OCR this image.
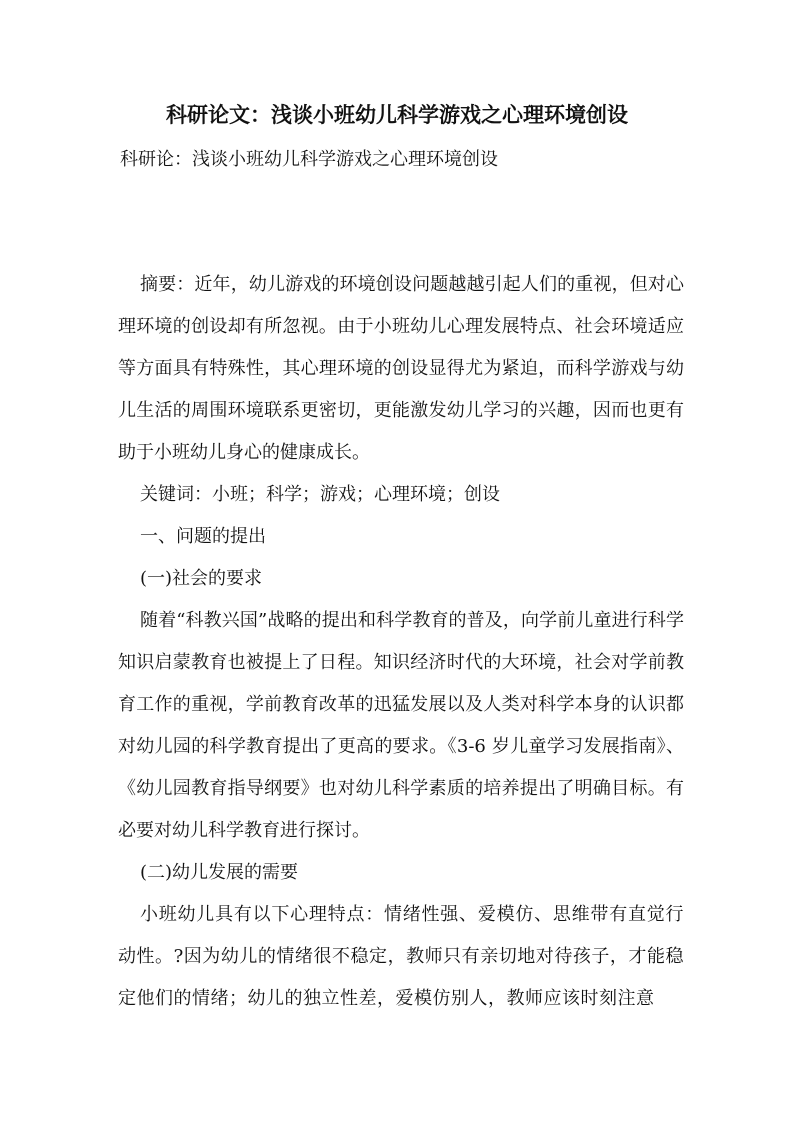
科研论文：浅谈小班幼儿科学游戏之心理环境创设
科研论：浅谈小班幼儿科学游戏之心理环境创设

摘要：近年，幼儿游戏的环境创设问题越越引起人们的重视，但对心理环境的创设却有所忽视。由于小班幼儿心理发展特点、社会环境适应等方面具有特殊性，其心理环境的创设显得尤为紧迫，而科学游戏与幼儿生活的周围环境联系更密切，更能激发幼儿学习的兴趣，因而也更有助于小班幼儿身心的健康成长。

关键词：小班；科学；游戏；心理环境；创设

一、问题的提出

(一)社会的要求

随着“科教兴国”战略的提出和科学教育的普及，向学前儿童进行科学知识启蒙教育也被提上了日程。知识经济时代的大环境，社会对学前教育工作的重视，学前教育改革的迅猛发展以及人类对科学本身的认识都对幼儿园的科学教育提出了更高的要求。《3-6 岁儿童学习发展指南》、《幼儿园教育指导纲要》也对幼儿科学素质的培养提出了明确目标。有必要对幼儿科学教育进行探讨。

(二)幼儿发展的需要

小班幼儿具有以下心理特点：情绪性强、爱模仿、思维带有直觉行动性。?因为幼儿的情绪很不稳定，教师只有亲切地对待孩子，才能稳定他们的情绪；幼儿的独立性差，爱模仿别人，教师应该时刻注意
